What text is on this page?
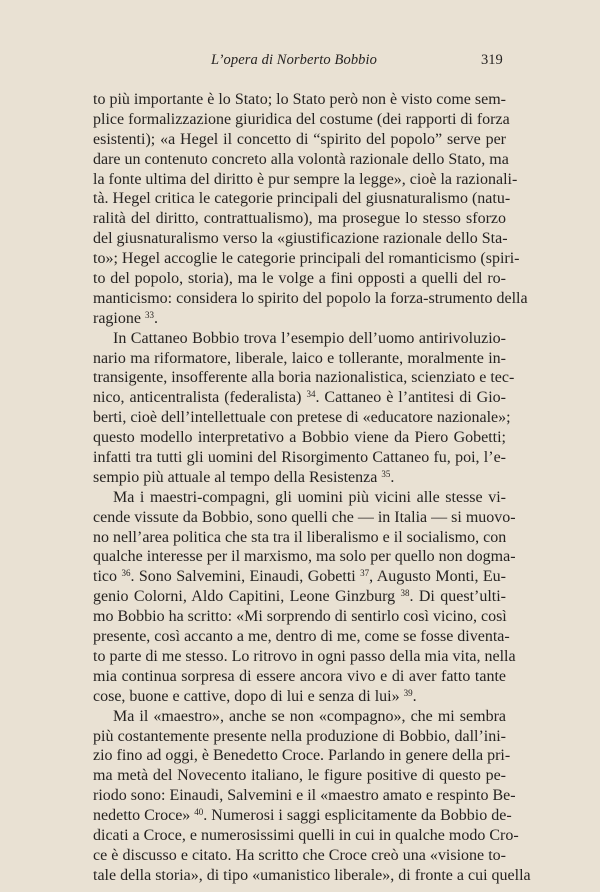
L’opera di Norberto Bobbio	319
to più importante è lo Stato; lo Stato però non è visto come sem-
plice formalizzazione giuridica del costume (dei rapporti di forza
esistenti); «a Hegel il concetto di “spirito del popolo” serve per
dare un contenuto concreto alla volontà razionale dello Stato, ma
la fonte ultima del diritto è pur sempre la legge», cioè la razionali-
tà. Hegel critica le categorie principali del giusnaturalismo (natu-
ralità del diritto, contrattualismo), ma prosegue lo stesso sforzo
del giusnaturalismo verso la «giustificazione razionale dello Sta-
to»; Hegel accoglie le categorie principali del romanticismo (spiri-
to del popolo, storia), ma le volge a fini opposti a quelli del ro-
manticismo: considera lo spirito del popolo la forza-strumento della
ragione $^{33}$.
In Cattaneo Bobbio trova l’esempio dell’uomo antirivoluzio-
nario ma riformatore, liberale, laico e tollerante, moralmente in-
transigente, insofferente alla boria nazionalistica, scienziato e tec-
nico, anticentralista (federalista) $^{34}$. Cattaneo è l’antitesi di Gio-
berti, cioè dell’intellettuale con pretese di «educatore nazionale»;
questo modello interpretativo a Bobbio viene da Piero Gobetti;
infatti tra tutti gli uomini del Risorgimento Cattaneo fu, poi, l’e-
sempio più attuale al tempo della Resistenza $^{35}$.
Ma i maestri-compagni, gli uomini più vicini alle stesse vi-
cende vissute da Bobbio, sono quelli che — in Italia — si muovo-
no nell’area politica che sta tra il liberalismo e il socialismo, con
qualche interesse per il marxismo, ma solo per quello non dogma-
tico $^{36}$. Sono Salvemini, Einaudi, Gobetti $^{37}$, Augusto Monti, Eu-
genio Colorni, Aldo Capitini, Leone Ginzburg $^{38}$. Di quest’ulti-
mo Bobbio ha scritto: «Mi sorprendo di sentirlo così vicino, così
presente, così accanto a me, dentro di me, come se fosse diventa-
to parte di me stesso. Lo ritrovo in ogni passo della mia vita, nella
mia continua sorpresa di essere ancora vivo e di aver fatto tante
cose, buone e cattive, dopo di lui e senza di lui» $^{39}$.
Ma il «maestro», anche se non «compagno», che mi sembra
più costantemente presente nella produzione di Bobbio, dall’ini-
zio fino ad oggi, è Benedetto Croce. Parlando in genere della pri-
ma metà del Novecento italiano, le figure positive di questo pe-
riodo sono: Einaudi, Salvemini e il «maestro amato e respinto Be-
nedetto Croce» $^{40}$. Numerosi i saggi esplicitamente da Bobbio de-
dicati a Croce, e numerosissimi quelli in cui in qualche modo Cro-
ce è discusso e citato. Ha scritto che Croce creò una «visione to-
tale della storia», di tipo «umanistico liberale», di fronte a cui quella
